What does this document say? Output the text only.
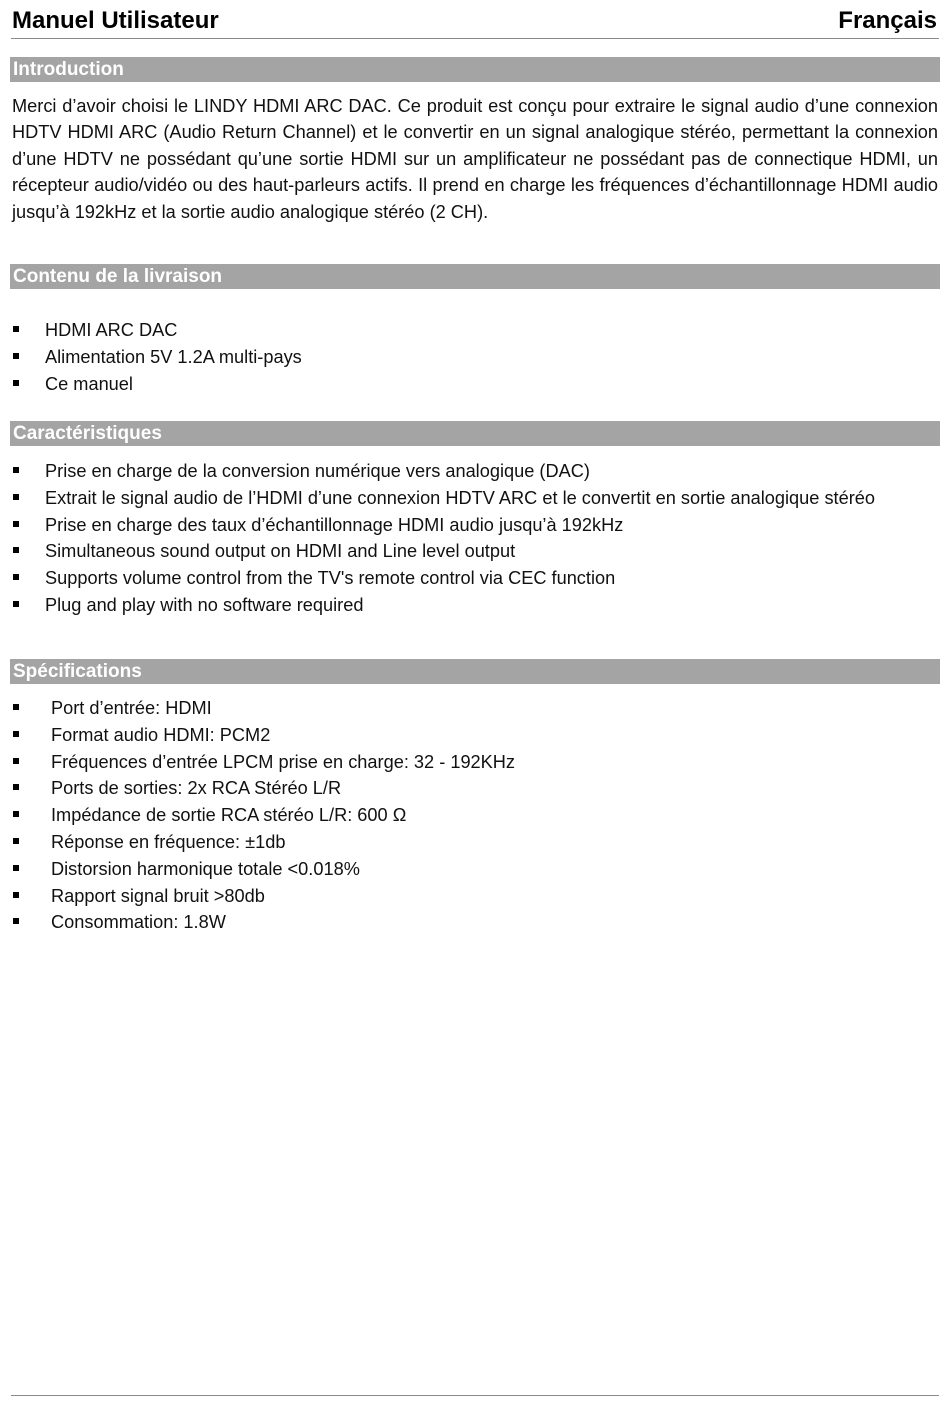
Manuel Utilisateur	Français
Introduction

Merci d’avoir choisi le LINDY HDMI ARC DAC. Ce produit est conçu pour extraire le signal audio d’une connexion HDTV HDMI ARC (Audio Return Channel) et le convertir en un signal analogique stéréo, permettant la connexion d’une HDTV ne possédant qu’une sortie HDMI sur un amplificateur ne possédant pas de connectique HDMI, un récepteur audio/vidéo ou des haut-parleurs actifs. Il prend en charge les fréquences d’échantillonnage HDMI audio jusqu’à 192kHz et la sortie audio analogique stéréo (2 CH).

Contenu de la livraison
HDMI ARC DAC
Alimentation 5V 1.2A multi-pays
Ce manuel
Caractéristiques
Prise en charge de la conversion numérique vers analogique (DAC)
Extrait le signal audio de l’HDMI d’une connexion HDTV ARC et le convertit en sortie analogique stéréo
Prise en charge des taux d’échantillonnage HDMI audio jusqu’à 192kHz
Simultaneous sound output on HDMI and Line level output
Supports volume control from the TV's remote control via CEC function
Plug and play with no software required
Spécifications
Port d’entrée: HDMI
Format audio HDMI: PCM2
Fréquences d’entrée LPCM prise en charge: 32 - 192KHz
Ports de sorties: 2x RCA Stéréo L/R
Impédance de sortie RCA stéréo L/R: 600 Ω
Réponse en fréquence: ±1db
Distorsion harmonique totale <0.018%
Rapport signal bruit >80db
Consommation: 1.8W
